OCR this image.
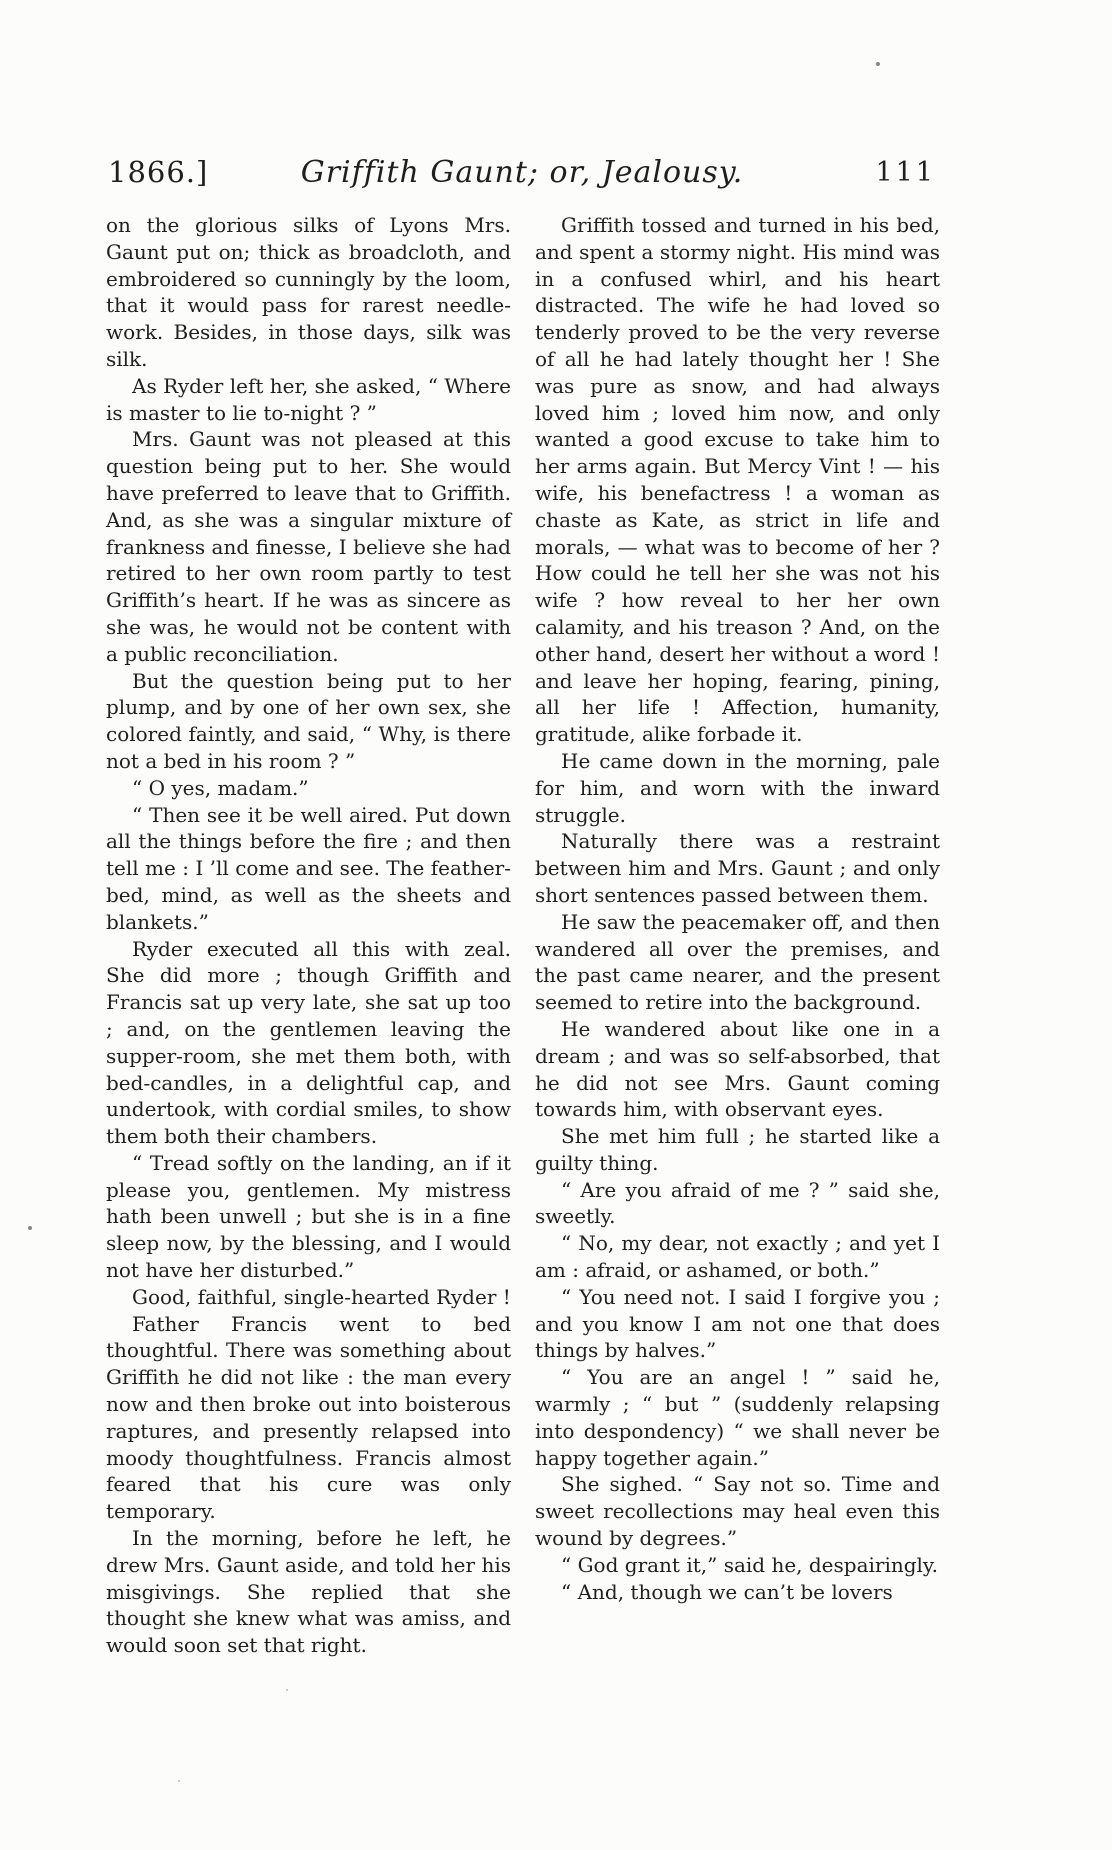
1866.]	Griffith Gaunt; or, Jealousy.	111

on the glorious silks of Lyons Mrs. Gaunt put on; thick as broadcloth, and embroidered so cunningly by the loom, that it would pass for rarest needle-work. Besides, in those days, silk was silk.

As Ryder left her, she asked, “ Where is master to lie to-night ? ”

Mrs. Gaunt was not pleased at this question being put to her. She would have preferred to leave that to Griffith. And, as she was a singular mixture of frankness and finesse, I believe she had retired to her own room partly to test Griffith’s heart. If he was as sincere as she was, he would not be content with a public reconciliation.

But the question being put to her plump, and by one of her own sex, she colored faintly, and said, “ Why, is there not a bed in his room ? ”

“ O yes, madam.”

“ Then see it be well aired. Put down all the things before the fire ; and then tell me : I ’ll come and see. The feather-bed, mind, as well as the sheets and blankets.”

Ryder executed all this with zeal. She did more ; though Griffith and Francis sat up very late, she sat up too ; and, on the gentlemen leaving the supper-room, she met them both, with bed-candles, in a delightful cap, and undertook, with cordial smiles, to show them both their chambers.

“ Tread softly on the landing, an if it please you, gentlemen. My mistress hath been unwell ; but she is in a fine sleep now, by the blessing, and I would not have her disturbed.”

Good, faithful, single-hearted Ryder !

Father Francis went to bed thoughtful. There was something about Griffith he did not like : the man every now and then broke out into boisterous raptures, and presently relapsed into moody thoughtfulness. Francis almost feared that his cure was only temporary.

In the morning, before he left, he drew Mrs. Gaunt aside, and told her his misgivings. She replied that she thought she knew what was amiss, and would soon set that right.

Griffith tossed and turned in his bed, and spent a stormy night. His mind was in a confused whirl, and his heart distracted. The wife he had loved so tenderly proved to be the very reverse of all he had lately thought her ! She was pure as snow, and had always loved him ; loved him now, and only wanted a good excuse to take him to her arms again. But Mercy Vint ! — his wife, his benefactress ! a woman as chaste as Kate, as strict in life and morals, — what was to become of her ? How could he tell her she was not his wife ? how reveal to her her own calamity, and his treason ? And, on the other hand, desert her without a word ! and leave her hoping, fearing, pining, all her life ! Affection, humanity, gratitude, alike forbade it.

He came down in the morning, pale for him, and worn with the inward struggle.

Naturally there was a restraint between him and Mrs. Gaunt ; and only short sentences passed between them.

He saw the peacemaker off, and then wandered all over the premises, and the past came nearer, and the present seemed to retire into the background.

He wandered about like one in a dream ; and was so self-absorbed, that he did not see Mrs. Gaunt coming towards him, with observant eyes.

She met him full ; he started like a guilty thing.

“ Are you afraid of me ? ” said she, sweetly.

“ No, my dear, not exactly ; and yet I am : afraid, or ashamed, or both.”

“ You need not. I said I forgive you ; and you know I am not one that does things by halves.”

“ You are an angel ! ” said he, warmly ; “ but ” (suddenly relapsing into despondency) “ we shall never be happy together again.”

She sighed. “ Say not so. Time and sweet recollections may heal even this wound by degrees.”

“ God grant it,” said he, despairingly.

“ And, though we can’t be lovers
